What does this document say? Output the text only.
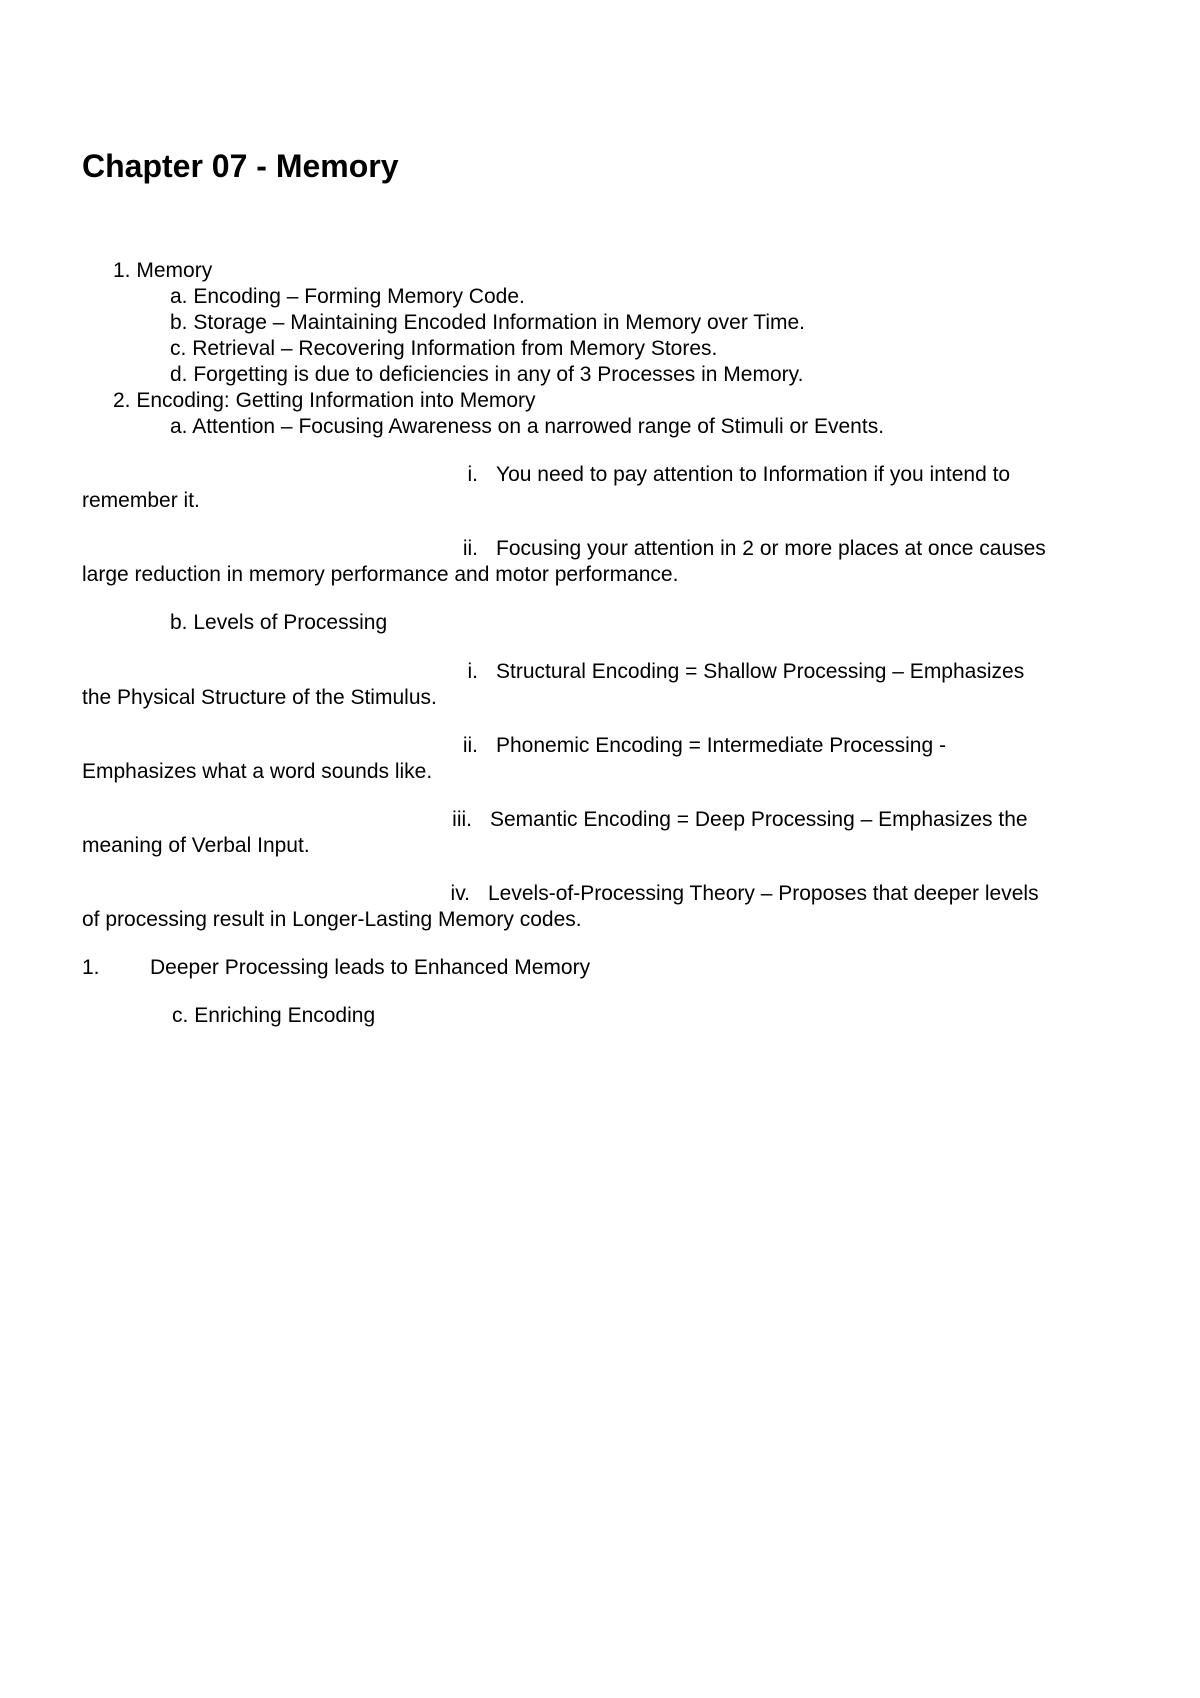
Chapter 07 - Memory
1. Memory
a. Encoding – Forming Memory Code.
b. Storage – Maintaining Encoded Information in Memory over Time.
c. Retrieval – Recovering Information from Memory Stores.
d. Forgetting is due to deficiencies in any of 3 Processes in Memory.
2. Encoding: Getting Information into Memory
a. Attention – Focusing Awareness on a narrowed range of Stimuli or Events.
i. You need to pay attention to Information if you intend to
remember it.
ii. Focusing your attention in 2 or more places at once causes
large reduction in memory performance and motor performance.
b. Levels of Processing
i. Structural Encoding = Shallow Processing – Emphasizes
the Physical Structure of the Stimulus.
ii. Phonemic Encoding = Intermediate Processing -
Emphasizes what a word sounds like.
iii. Semantic Encoding = Deep Processing – Emphasizes the
meaning of Verbal Input.
iv. Levels-of-Processing Theory – Proposes that deeper levels
of processing result in Longer-Lasting Memory codes.
1. Deeper Processing leads to Enhanced Memory
c. Enriching Encoding
